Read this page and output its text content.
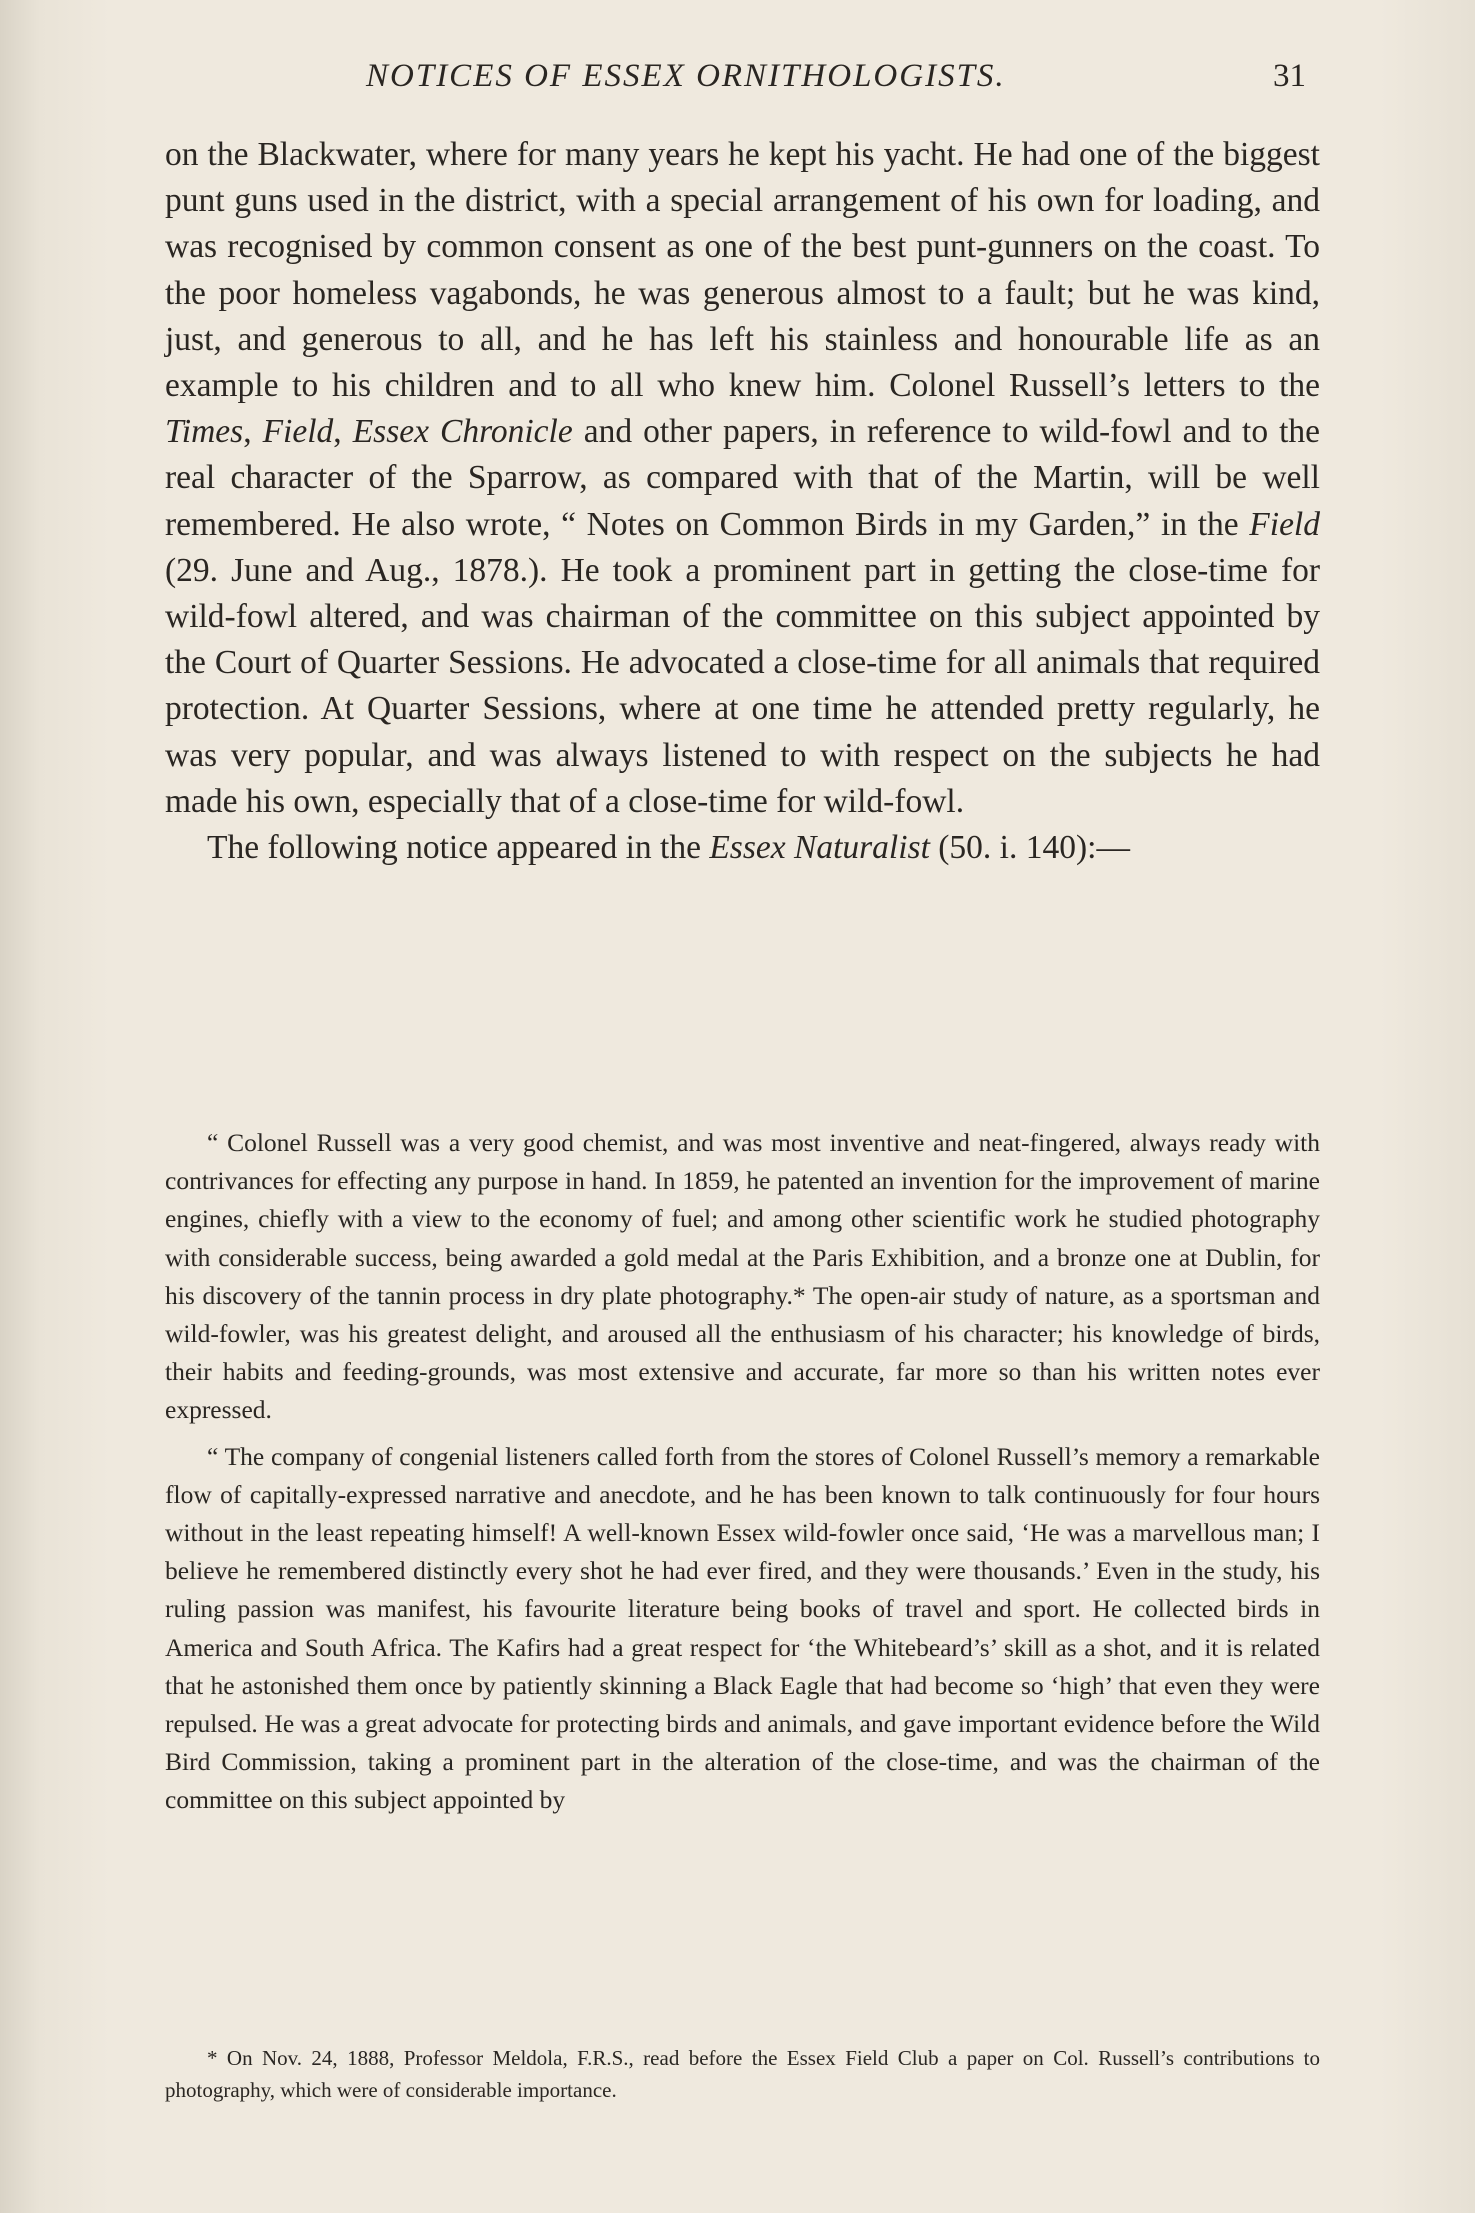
NOTICES OF ESSEX ORNITHOLOGISTS.	31

on the Blackwater, where for many years he kept his yacht. He had one of the biggest punt guns used in the district, with a special arrangement of his own for loading, and was recognised by common consent as one of the best punt-gunners on the coast. To the poor homeless vagabonds, he was generous almost to a fault; but he was kind, just, and generous to all, and he has left his stainless and honourable life as an example to his children and to all who knew him. Colonel Russell’s letters to the Times, Field, Essex Chronicle and other papers, in reference to wild-fowl and to the real character of the Sparrow, as compared with that of the Martin, will be well remembered. He also wrote, “ Notes on Common Birds in my Garden,” in the Field (29. June and Aug., 1878.). He took a prominent part in getting the close-time for wild-fowl altered, and was chairman of the committee on this subject appointed by the Court of Quarter Sessions. He advocated a close-time for all animals that required protection. At Quarter Sessions, where at one time he attended pretty regularly, he was very popular, and was always listened to with respect on the subjects he had made his own, especially that of a close-time for wild-fowl.

The following notice appeared in the Essex Naturalist (50. i. 140):—

“ Colonel Russell was a very good chemist, and was most inventive and neat-fingered, always ready with contrivances for effecting any purpose in hand. In 1859, he patented an invention for the improvement of marine engines, chiefly with a view to the economy of fuel; and among other scientific work he studied photography with considerable success, being awarded a gold medal at the Paris Exhibition, and a bronze one at Dublin, for his discovery of the tannin process in dry plate photography.* The open-air study of nature, as a sportsman and wild-fowler, was his greatest delight, and aroused all the enthusiasm of his character; his knowledge of birds, their habits and feeding-grounds, was most extensive and accurate, far more so than his written notes ever expressed.

“ The company of congenial listeners called forth from the stores of Colonel Russell’s memory a remarkable flow of capitally-expressed narrative and anecdote, and he has been known to talk continuously for four hours without in the least repeating himself! A well-known Essex wild-fowler once said, ‘He was a marvellous man; I believe he remembered distinctly every shot he had ever fired, and they were thousands.’ Even in the study, his ruling passion was manifest, his favourite literature being books of travel and sport. He collected birds in America and South Africa. The Kafirs had a great respect for ‘the Whitebeard’s’ skill as a shot, and it is related that he astonished them once by patiently skinning a Black Eagle that had become so ‘high’ that even they were repulsed. He was a great advocate for protecting birds and animals, and gave important evidence before the Wild Bird Commission, taking a prominent part in the alteration of the close-time, and was the chairman of the committee on this subject appointed by

* On Nov. 24, 1888, Professor Meldola, F.R.S., read before the Essex Field Club a paper on Col. Russell’s contributions to photography, which were of considerable importance.
